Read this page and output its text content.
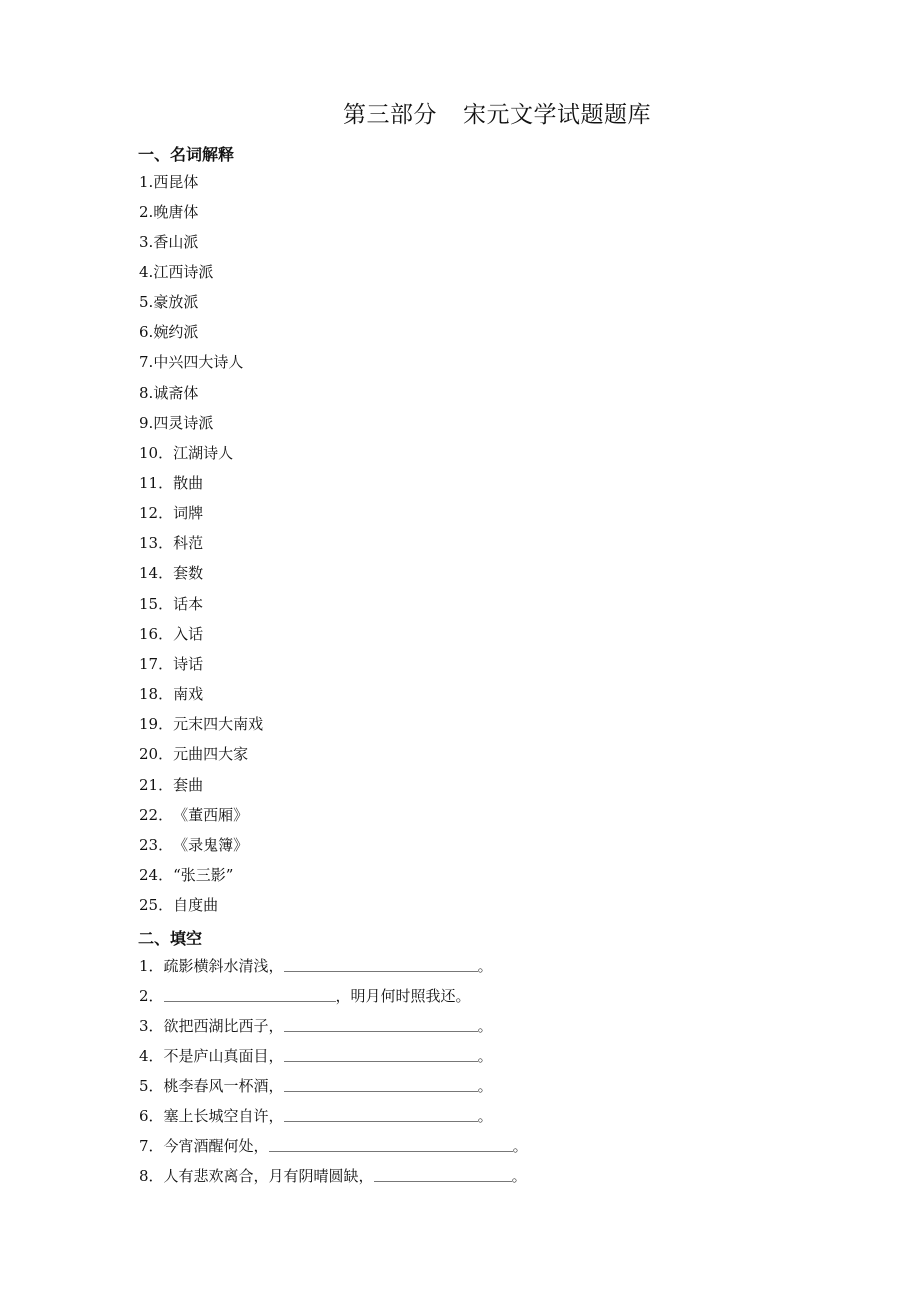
第三部分 宋元文学试题题库
一、名词解释
1.西昆体
2.晚唐体
3.香山派
4.江西诗派
5.豪放派
6.婉约派
7.中兴四大诗人
8.诚斋体
9.四灵诗派
10．江湖诗人
11．散曲
12．词牌
13．科范
14．套数
15．话本
16．入话
17．诗话
18．南戏
19．元末四大南戏
20．元曲四大家
21．套曲
22．《董西厢》
23．《录鬼簿》
24．“张三影”
25．自度曲
二、填空
1．疏影横斜水清浅，	。
2．	，明月何时照我还。
3．欲把西湖比西子，	。
4．不是庐山真面目，	。
5．桃李春风一杯酒，	。
6．塞上长城空自许，	。
7．今宵酒醒何处，	。
8．人有悲欢离合，月有阴晴圆缺，	。
